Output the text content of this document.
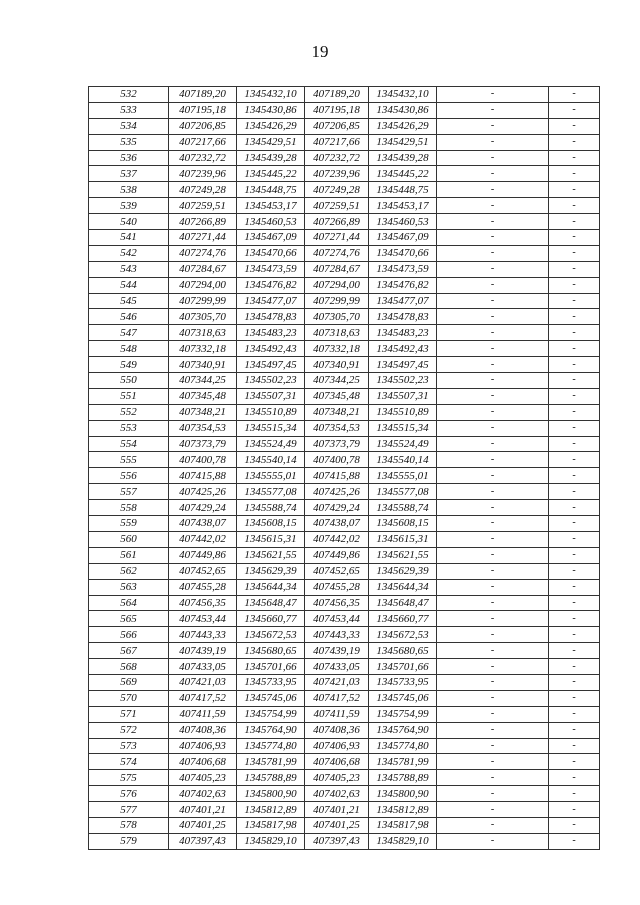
19
532	407189,20	1345432,10	407189,20	1345432,10	-	-
533	407195,18	1345430,86	407195,18	1345430,86	-	-
534	407206,85	1345426,29	407206,85	1345426,29	-	-
535	407217,66	1345429,51	407217,66	1345429,51	-	-
536	407232,72	1345439,28	407232,72	1345439,28	-	-
537	407239,96	1345445,22	407239,96	1345445,22	-	-
538	407249,28	1345448,75	407249,28	1345448,75	-	-
539	407259,51	1345453,17	407259,51	1345453,17	-	-
540	407266,89	1345460,53	407266,89	1345460,53	-	-
541	407271,44	1345467,09	407271,44	1345467,09	-	-
542	407274,76	1345470,66	407274,76	1345470,66	-	-
543	407284,67	1345473,59	407284,67	1345473,59	-	-
544	407294,00	1345476,82	407294,00	1345476,82	-	-
545	407299,99	1345477,07	407299,99	1345477,07	-	-
546	407305,70	1345478,83	407305,70	1345478,83	-	-
547	407318,63	1345483,23	407318,63	1345483,23	-	-
548	407332,18	1345492,43	407332,18	1345492,43	-	-
549	407340,91	1345497,45	407340,91	1345497,45	-	-
550	407344,25	1345502,23	407344,25	1345502,23	-	-
551	407345,48	1345507,31	407345,48	1345507,31	-	-
552	407348,21	1345510,89	407348,21	1345510,89	-	-
553	407354,53	1345515,34	407354,53	1345515,34	-	-
554	407373,79	1345524,49	407373,79	1345524,49	-	-
555	407400,78	1345540,14	407400,78	1345540,14	-	-
556	407415,88	1345555,01	407415,88	1345555,01	-	-
557	407425,26	1345577,08	407425,26	1345577,08	-	-
558	407429,24	1345588,74	407429,24	1345588,74	-	-
559	407438,07	1345608,15	407438,07	1345608,15	-	-
560	407442,02	1345615,31	407442,02	1345615,31	-	-
561	407449,86	1345621,55	407449,86	1345621,55	-	-
562	407452,65	1345629,39	407452,65	1345629,39	-	-
563	407455,28	1345644,34	407455,28	1345644,34	-	-
564	407456,35	1345648,47	407456,35	1345648,47	-	-
565	407453,44	1345660,77	407453,44	1345660,77	-	-
566	407443,33	1345672,53	407443,33	1345672,53	-	-
567	407439,19	1345680,65	407439,19	1345680,65	-	-
568	407433,05	1345701,66	407433,05	1345701,66	-	-
569	407421,03	1345733,95	407421,03	1345733,95	-	-
570	407417,52	1345745,06	407417,52	1345745,06	-	-
571	407411,59	1345754,99	407411,59	1345754,99	-	-
572	407408,36	1345764,90	407408,36	1345764,90	-	-
573	407406,93	1345774,80	407406,93	1345774,80	-	-
574	407406,68	1345781,99	407406,68	1345781,99	-	-
575	407405,23	1345788,89	407405,23	1345788,89	-	-
576	407402,63	1345800,90	407402,63	1345800,90	-	-
577	407401,21	1345812,89	407401,21	1345812,89	-	-
578	407401,25	1345817,98	407401,25	1345817,98	-	-
579	407397,43	1345829,10	407397,43	1345829,10	-	-
